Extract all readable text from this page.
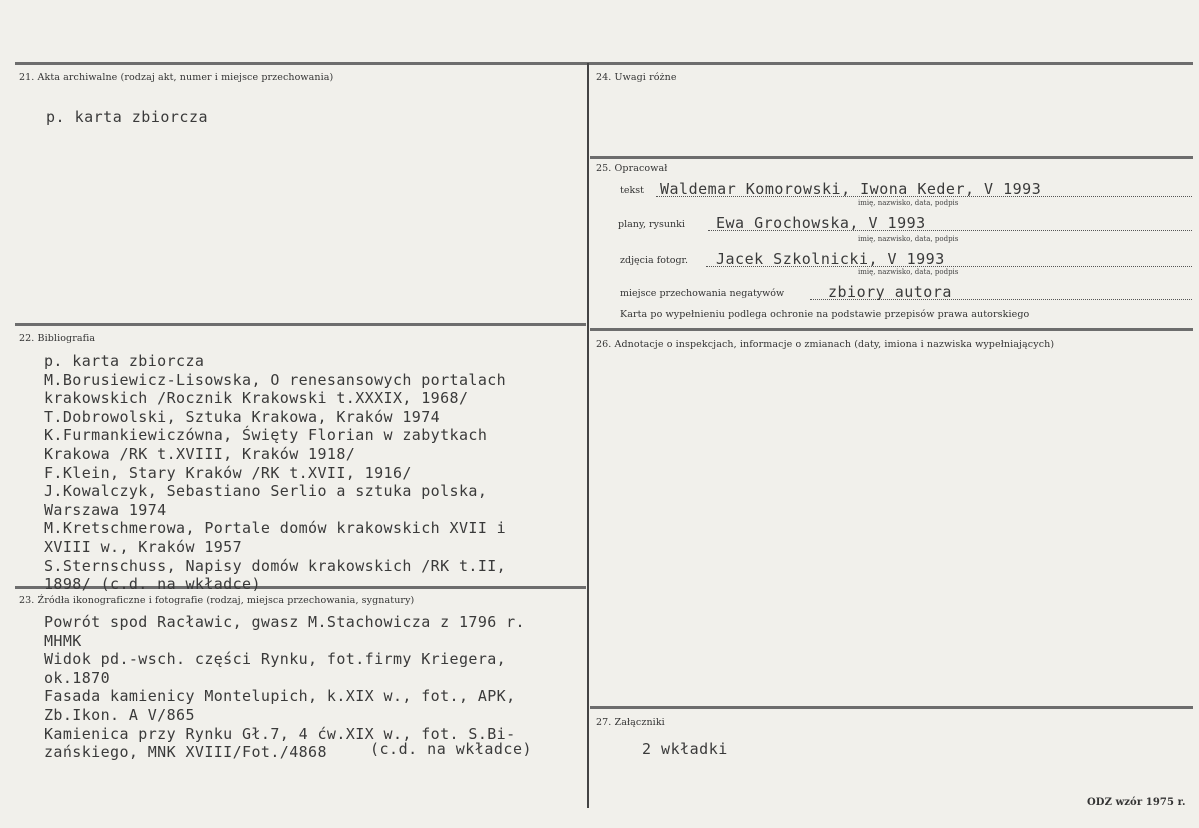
21. Akta archiwalne (rodzaj akt, numer i miejsce przechowania)
p. karta zbiorcza
22. Bibliografia
p. karta zbiorcza
M.Borusiewicz-Lisowska, O renesansowych portalach
krakowskich /Rocznik Krakowski t.XXXIX, 1968/
T.Dobrowolski, Sztuka Krakowa, Kraków 1974
K.Furmankiewiczówna, Święty Florian w zabytkach
Krakowa /RK t.XVIII, Kraków 1918/
F.Klein, Stary Kraków /RK t.XVII, 1916/
J.Kowalczyk, Sebastiano Serlio a sztuka polska,
Warszawa 1974
M.Kretschmerowa, Portale domów krakowskich XVII i
XVIII w., Kraków 1957
S.Sternschuss, Napisy domów krakowskich /RK t.II,
1898/ (c.d. na wkładce)
23. Źródła ikonograficzne i fotografie (rodzaj, miejsca przechowania, sygnatury)
Powrót spod Racławic, gwasz M.Stachowicza z 1796 r.
MHMK
Widok pd.-wsch. części Rynku, fot.firmy Kriegera,
ok.1870
Fasada kamienicy Montelupich, k.XIX w., fot., APK,
Zb.Ikon. A V/865
Kamienica przy Rynku Gł.7, 4 ćw.XIX w., fot. S.Bi-
zańskiego, MNK XVIII/Fot./4868	(c.d. na wkładce)
24. Uwagi różne
25. Opracował
tekst Waldemar Komorowski, Iwona Keder, V 1993
imię, nazwisko, data, podpis
plany, rysunki Ewa Grochowska, V 1993
imię, nazwisko, data, podpis
zdjęcia fotogr. Jacek Szkolnicki, V 1993
imię, nazwisko, data, podpis
miejsce przechowania negatywów	zbiory autora
Karta po wypełnieniu podlega ochronie na podstawie przepisów prawa autorskiego
26. Adnotacje o inspekcjach, informacje o zmianach (daty, imiona i nazwiska wypełniających)
27. Załączniki
2 wkładki
ODZ wzór 1975 r.
